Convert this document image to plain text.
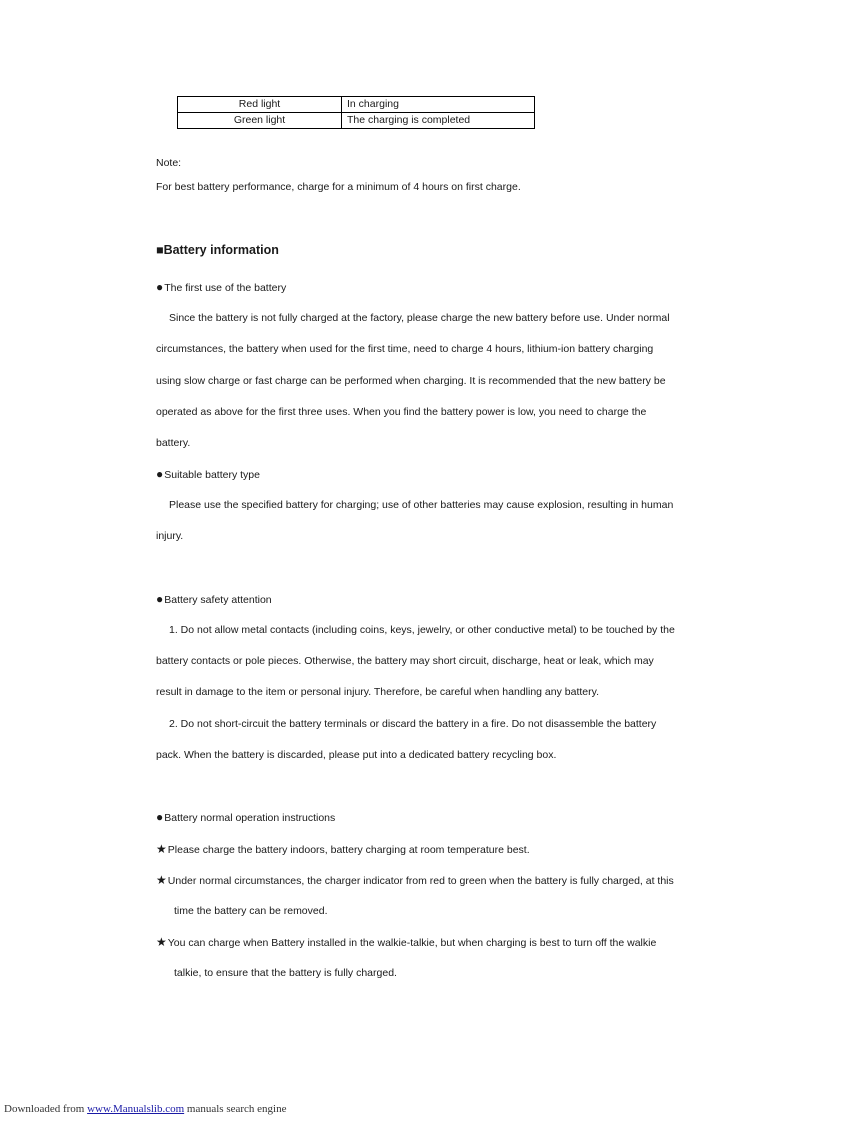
Red light	In charging
Green light	The charging is completed
Note:
For best battery performance, charge for a minimum of 4 hours on first charge.
■Battery information
●The first use of the battery
Since the battery is not fully charged at the factory, please charge the new battery before use. Under normal
circumstances, the battery when used for the first time, need to charge 4 hours, lithium-ion battery charging
using slow charge or fast charge can be performed when charging. It is recommended that the new battery be
operated as above for the first three uses. When you find the battery power is low, you need to charge the
battery.
●Suitable battery type
Please use the specified battery for charging; use of other batteries may cause explosion, resulting in human
injury.
●Battery safety attention
1. Do not allow metal contacts (including coins, keys, jewelry, or other conductive metal) to be touched by the
battery contacts or pole pieces. Otherwise, the battery may short circuit, discharge, heat or leak, which may
result in damage to the item or personal injury. Therefore, be careful when handling any battery.
2. Do not short-circuit the battery terminals or discard the battery in a fire. Do not disassemble the battery
pack. When the battery is discarded, please put into a dedicated battery recycling box.
●Battery normal operation instructions
★Please charge the battery indoors, battery charging at room temperature best.
★Under normal circumstances, the charger indicator from red to green when the battery is fully charged, at this
time the battery can be removed.
★You can charge when Battery installed in the walkie-talkie, but when charging is best to turn off the walkie
talkie, to ensure that the battery is fully charged.
Downloaded from www.Manualslib.com manuals search engine
